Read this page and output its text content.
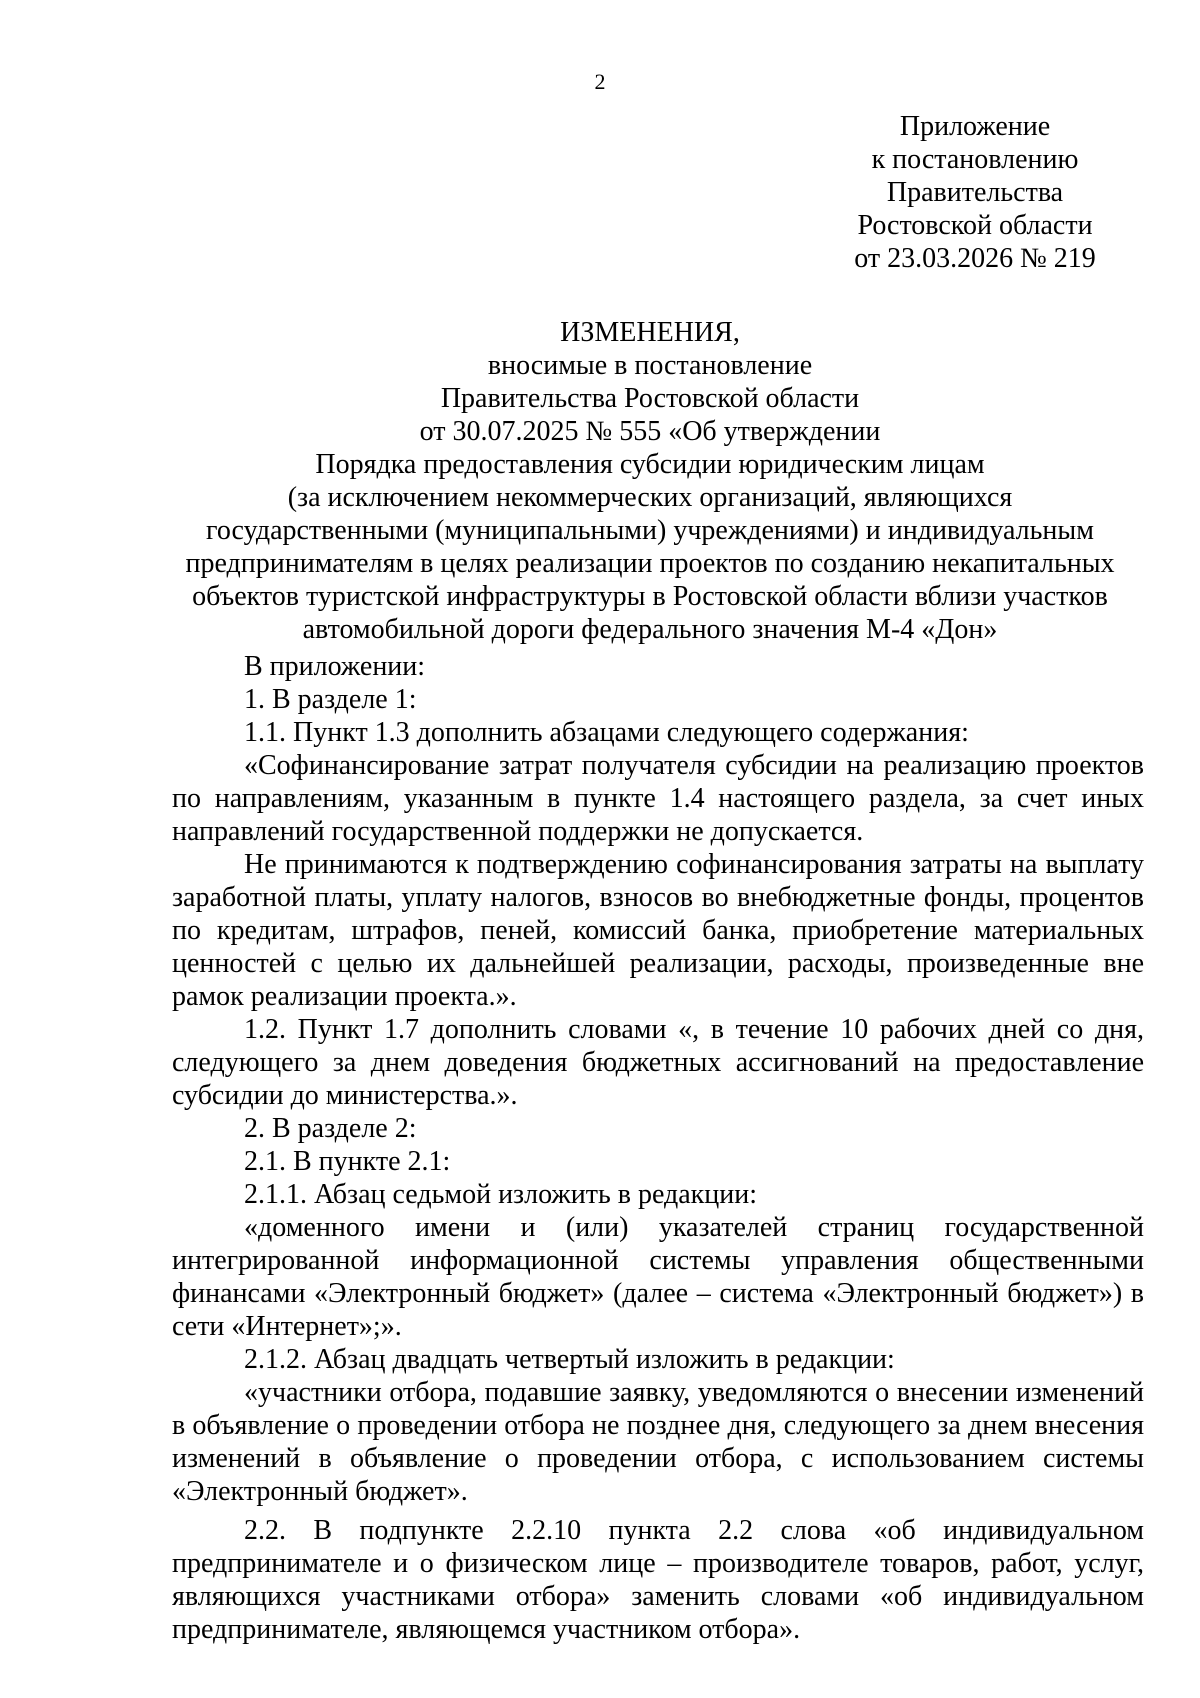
2
Приложение
к постановлению
Правительства
Ростовской области
от 23.03.2026 № 219
ИЗМЕНЕНИЯ,
вносимые в постановление
Правительства Ростовской области
от 30.07.2025 № 555 «Об утверждении
Порядка предоставления субсидии юридическим лицам
(за исключением некоммерческих организаций, являющихся
государственными (муниципальными) учреждениями) и индивидуальным
предпринимателям в целях реализации проектов по созданию некапитальных
объектов туристской инфраструктуры в Ростовской области вблизи участков
автомобильной дороги федерального значения М-4 «Дон»

В приложении:

1. В разделе 1:

1.1. Пункт 1.3 дополнить абзацами следующего содержания:

«Софинансирование затрат получателя субсидии на реализацию проектов по направлениям, указанным в пункте 1.4 настоящего раздела, за счет иных направлений государственной поддержки не допускается.

Не принимаются к подтверждению софинансирования затраты на выплату заработной платы, уплату налогов, взносов во внебюджетные фонды, процентов по кредитам, штрафов, пеней, комиссий банка, приобретение материальных ценностей с целью их дальнейшей реализации, расходы, произведенные вне рамок реализации проекта.».

1.2. Пункт 1.7 дополнить словами «, в течение 10 рабочих дней со дня, следующего за днем доведения бюджетных ассигнований на предоставление субсидии до министерства.».

2. В разделе 2:

2.1. В пункте 2.1:

2.1.1. Абзац седьмой изложить в редакции:

«доменного имени и (или) указателей страниц государственной интегрированной информационной системы управления общественными финансами «Электронный бюджет» (далее – система «Электронный бюджет») в сети «Интернет»;».

2.1.2. Абзац двадцать четвертый изложить в редакции:

«участники отбора, подавшие заявку, уведомляются о внесении изменений в объявление о проведении отбора не позднее дня, следующего за днем внесения изменений в объявление о проведении отбора, с использованием системы «Электронный бюджет».

2.2. В подпункте 2.2.10 пункта 2.2 слова «об индивидуальном предпринимателе и о физическом лице – производителе товаров, работ, услуг, являющихся участниками отбора» заменить словами «об индивидуальном предпринимателе, являющемся участником отбора».
